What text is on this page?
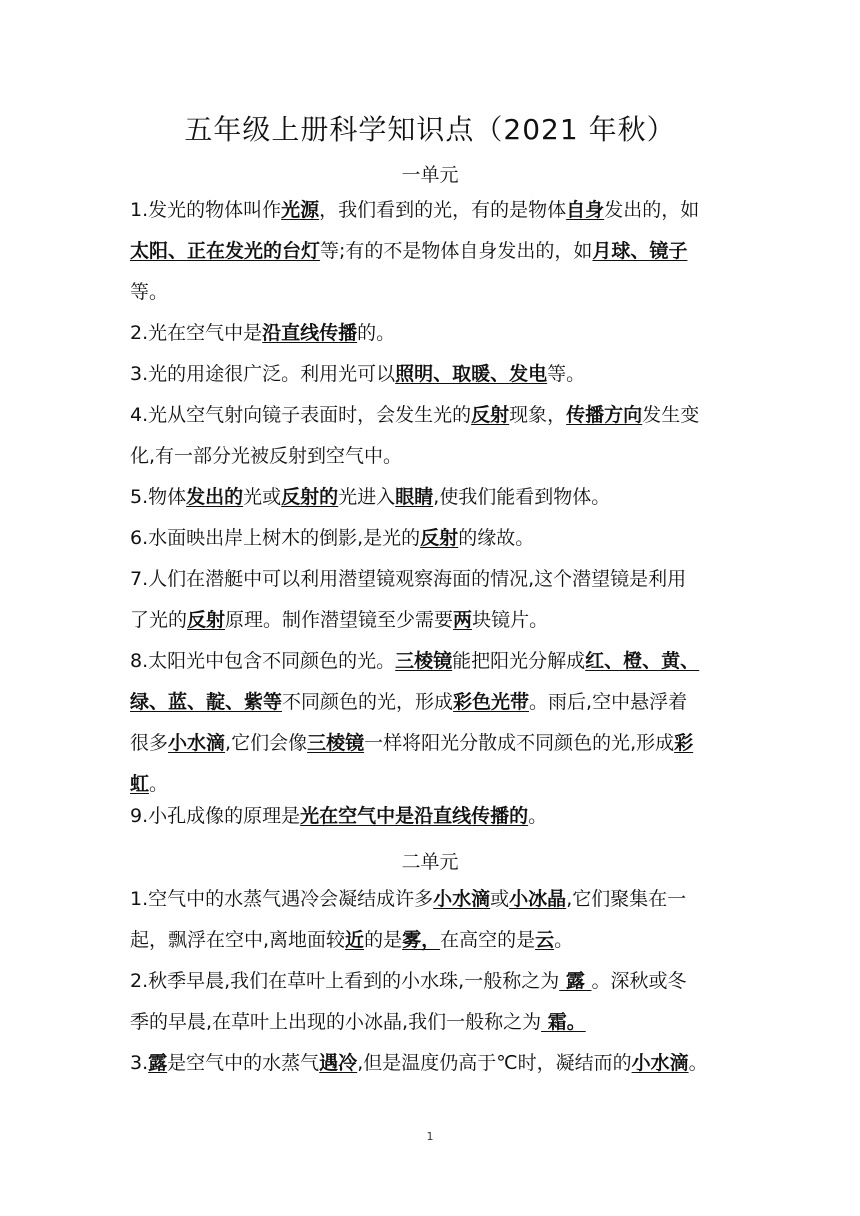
五年级上册科学知识点（2021 年秋）
一单元
1.发光的物体叫作光源，我们看到的光，有的是物体自身发出的，如
太阳、正在发光的台灯等;有的不是物体自身发出的，如月球、镜子
等。
2.光在空气中是沿直线传播的。
3.光的用途很广泛。利用光可以照明、取暖、发电等。
4.光从空气射向镜子表面时，会发生光的反射现象，传播方向发生变
化,有一部分光被反射到空气中。
5.物体发出的光或反射的光进入眼睛,使我们能看到物体。
6.水面映出岸上树木的倒影,是光的反射的缘故。
7.人们在潜艇中可以利用潜望镜观察海面的情况,这个潜望镜是利用
了光的反射原理。制作潜望镜至少需要两块镜片。
8.太阳光中包含不同颜色的光。三棱镜能把阳光分解成红、橙、黄、
绿、蓝、靛、紫等不同颜色的光，形成彩色光带。雨后,空中悬浮着
很多小水滴,它们会像三棱镜一样将阳光分散成不同颜色的光,形成彩
虹。
9.小孔成像的原理是光在空气中是沿直线传播的。
二单元
1.空气中的水蒸气遇冷会凝结成许多小水滴或小冰晶,它们聚集在一
起，飘浮在空中,离地面较近的是雾，在高空的是云。
2.秋季早晨,我们在草叶上看到的小水珠,一般称之为 露 。深秋或冬
季的早晨,在草叶上出现的小冰晶,我们一般称之为 霜。
3.露是空气中的水蒸气遇冷,但是温度仍高于℃时，凝结而的小水滴。
1
